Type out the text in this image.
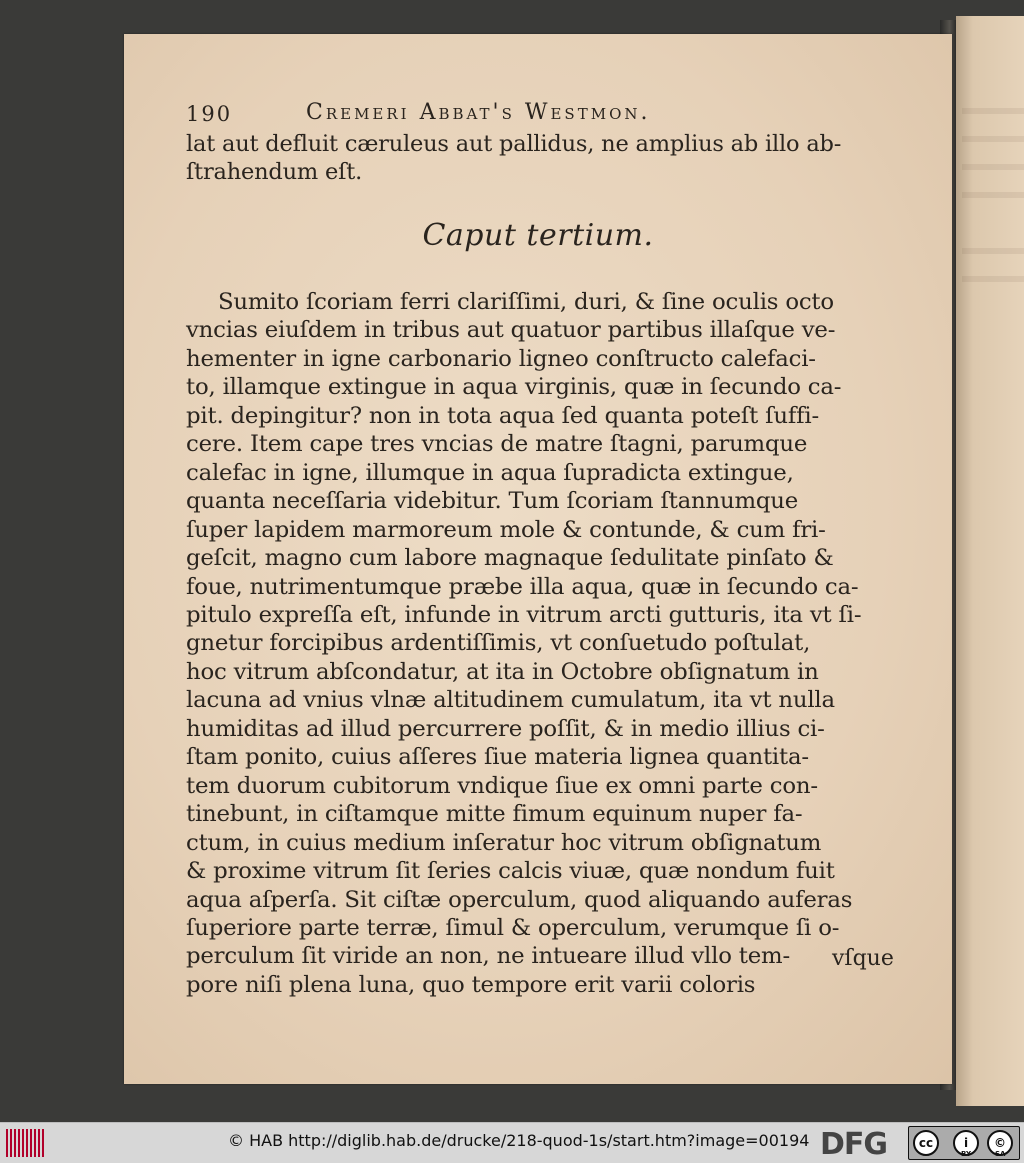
190	Cremeri Abbat's Westmon.
lat aut defluit cæruleus aut pallidus, ne amplius ab illo ab-
ſtrahendum eſt.
Caput tertium.
Sumito ſcoriam ferri clariſſimi, duri, & ſine oculis octo
vncias eiuſdem in tribus aut quatuor partibus illaſque ve-
hementer in igne carbonario ligneo conſtructo calefaci-
to, illamque extingue in aqua virginis, quæ in ſecundo ca-
pit. depingitur? non in tota aqua ſed quanta poteſt ſuffi-
cere. Item cape tres vncias de matre ſtagni, parumque
calefac in igne, illumque in aqua ſupradicta extingue,
quanta neceſſaria videbitur. Tum ſcoriam ſtannumque
ſuper lapidem marmoreum mole & contunde, & cum fri-
geſcit, magno cum labore magnaque ſedulitate pinſato &
foue, nutrimentumque præbe illa aqua, quæ in ſecundo ca-
pitulo expreſſa eſt, infunde in vitrum arcti gutturis, ita vt ſi-
gnetur forcipibus ardentiſſimis, vt conſuetudo poſtulat,
hoc vitrum abſcondatur, at ita in Octobre obſignatum in
lacuna ad vnius vlnæ altitudinem cumulatum, ita vt nulla
humiditas ad illud percurrere poſſit, & in medio illius ci-
ſtam ponito, cuius aſſeres ſiue materia lignea quantita-
tem duorum cubitorum vndique ſiue ex omni parte con-
tinebunt, in ciſtamque mitte fimum equinum nuper fa-
ctum, in cuius medium inſeratur hoc vitrum obſignatum
& proxime vitrum ſit ſeries calcis viuæ, quæ nondum fuit
aqua aſperſa. Sit ciſtæ operculum, quod aliquando auferas
ſuperiore parte terræ, ſimul & operculum, verumque ſi o-
perculum ſit viride an non, ne intueare illud vllo tem-
pore niſi plena luna, quo tempore erit varii coloris
vſque
© HAB http://diglib.hab.de/drucke/218-quod-1s/start.htm?image=00194 DFG	cc	i	©
BY	SA
